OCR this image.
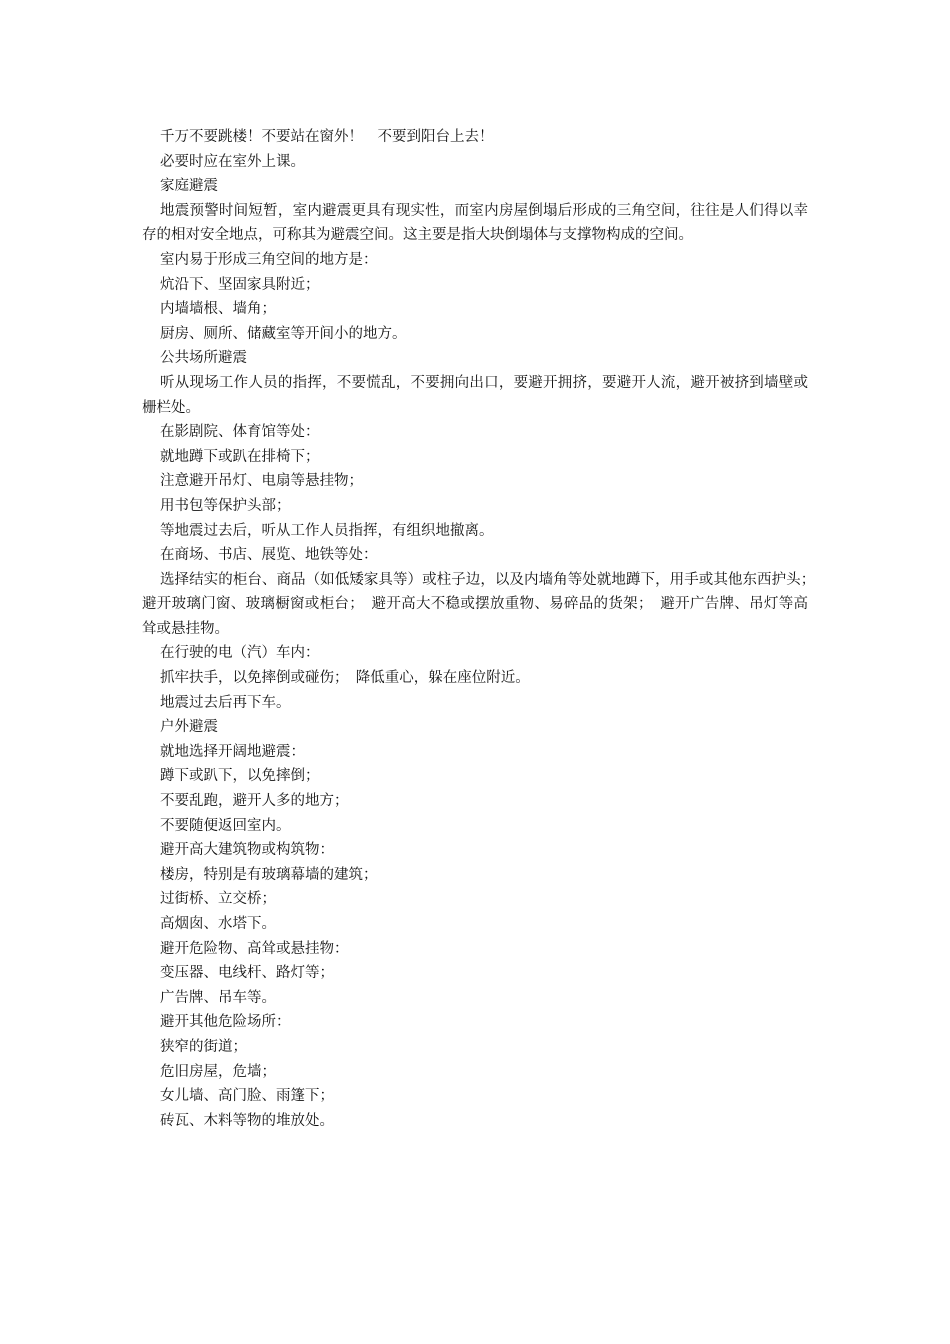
千万不要跳楼！不要站在窗外！　不要到阳台上去！

必要时应在室外上课。

家庭避震

地震预警时间短暂，室内避震更具有现实性，而室内房屋倒塌后形成的三角空间，往往是人们得以幸存的相对安全地点，可称其为避震空间。这主要是指大块倒塌体与支撑物构成的空间。

室内易于形成三角空间的地方是：

炕沿下、坚固家具附近；

内墙墙根、墙角；

厨房、厕所、储藏室等开间小的地方。

公共场所避震

听从现场工作人员的指挥，不要慌乱，不要拥向出口，要避开拥挤，要避开人流，避开被挤到墙壁或栅栏处。

在影剧院、体育馆等处：

就地蹲下或趴在排椅下；

注意避开吊灯、电扇等悬挂物；

用书包等保护头部；

等地震过去后，听从工作人员指挥，有组织地撤离。

在商场、书店、展览、地铁等处：

选择结实的柜台、商品（如低矮家具等）或柱子边，以及内墙角等处就地蹲下，用手或其他东西护头；　避开玻璃门窗、玻璃橱窗或柜台；　避开高大不稳或摆放重物、易碎品的货架；　避开广告牌、吊灯等高耸或悬挂物。

在行驶的电（汽）车内：

抓牢扶手，以免摔倒或碰伤；　降低重心，躲在座位附近。

地震过去后再下车。

户外避震

就地选择开阔地避震：

蹲下或趴下，以免摔倒；

不要乱跑，避开人多的地方；

不要随便返回室内。

避开高大建筑物或构筑物：

楼房，特别是有玻璃幕墙的建筑；

过街桥、立交桥；

高烟囱、水塔下。

避开危险物、高耸或悬挂物：

变压器、电线杆、路灯等；

广告牌、吊车等。

避开其他危险场所：

狭窄的街道；

危旧房屋，危墙；

女儿墙、高门脸、雨篷下；

砖瓦、木料等物的堆放处。
